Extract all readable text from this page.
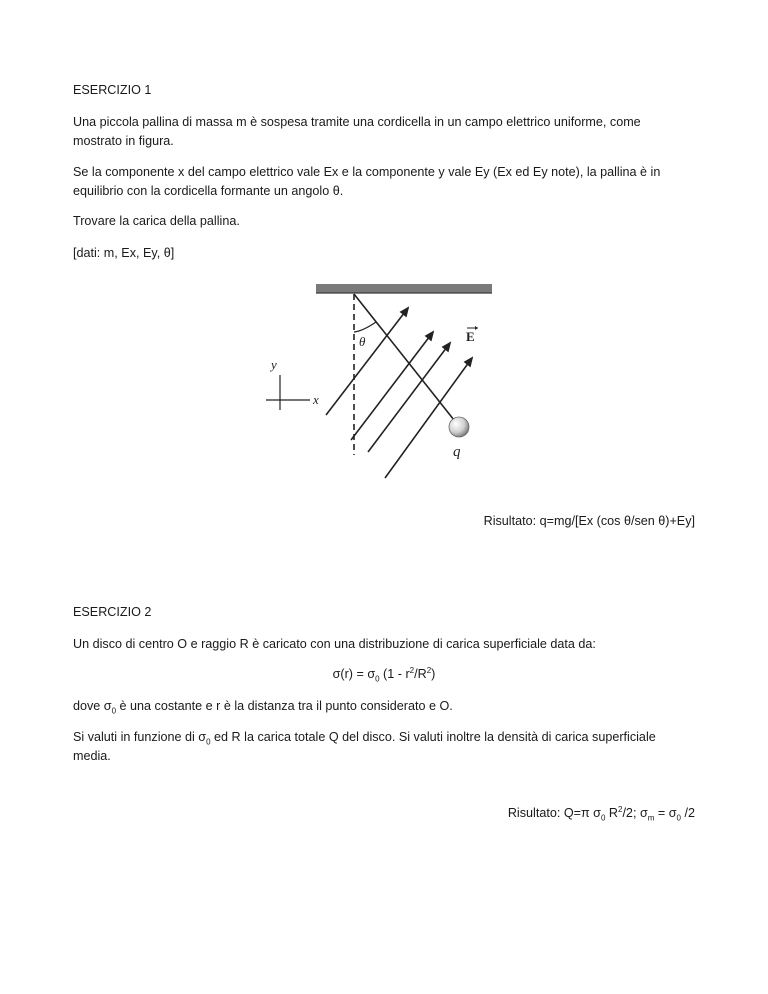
ESERCIZIO 1

Una piccola pallina di massa m è sospesa tramite una cordicella in un campo elettrico uniforme, come mostrato in figura.

Se la componente x del campo elettrico vale Ex e la componente y vale Ey (Ex ed Ey note), la pallina è in equilibrio con la cordicella formante un angolo θ.

Trovare la carica della pallina.

[dati: m, Ex, Ey, θ]

θ	E
y
x
q

Risultato: q=mg/[Ex (cos θ/sen θ)+Ey]

ESERCIZIO 2

Un disco di centro O e raggio R è caricato con una distribuzione di carica superficiale data da:

$\sigma(r) = \sigma_0$ $(1 - r^2/R^2)$

dove $\sigma_0$ è una costante e r è la distanza tra il punto considerato e O.

Si valuti in funzione di $\sigma_0$ ed R la carica totale Q del disco. Si valuti inoltre la densità di carica superficiale media.

Risultato: Q=π $\sigma_0$ $R^2/2$; $\sigma_m = \sigma_0$ /2
